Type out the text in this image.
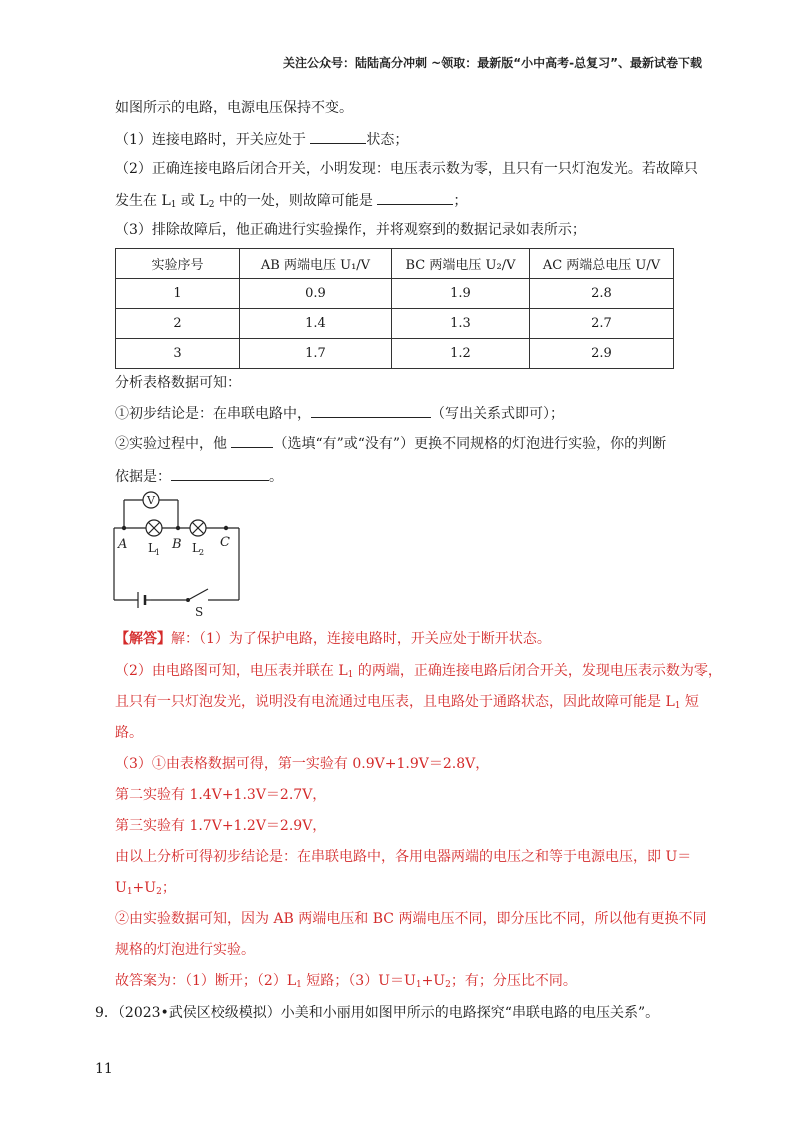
关注公众号：陆陆高分冲刺 ~领取：最新版“小中高考-总复习”、最新试卷下载
如图所示的电路，电源电压保持不变。
（1）连接电路时，开关应处于	状态；
（2）正确连接电路后闭合开关，小明发现：电压表示数为零，且只有一只灯泡发光。若故障只
发生在 $L_1$ 或 $L_2$ 中的一处，则故障可能是	；
（3）排除故障后，他正确进行实验操作，并将观察到的数据记录如表所示；
实验序号	AB 两端电压 U₁/V	BC 两端电压 U₂/V	AC 两端总电压 U/V
1	0.9	1.9	2.8
2	1.4	1.3	2.7
3	1.7	1.2	2.9
分析表格数据可知：
①初步结论是：在串联电路中，	（写出关系式即可）；
②实验过程中，他	（选填“有”或“没有”）更换不同规格的灯泡进行实验，你的判断
依据是：	。
V
A	B	C
L 1	L 2
S
【解答】解：（1）为了保护电路，连接电路时，开关应处于断开状态。
（2）由电路图可知，电压表并联在 $L_1$ 的两端，正确连接电路后闭合开关，发现电压表示数为零，
且只有一只灯泡发光，说明没有电流通过电压表，且电路处于通路状态，因此故障可能是 $L_1$ 短
路。
（3）①由表格数据可得，第一实验有 0.9V+1.9V＝2.8V，
第二实验有 1.4V+1.3V＝2.7V，
第三实验有 1.7V+1.2V＝2.9V，
由以上分析可得初步结论是：在串联电路中，各用电器两端的电压之和等于电源电压，即 U＝
$U_1+U_2$；
②由实验数据可知，因为 AB 两端电压和 BC 两端电压不同，即分压比不同，所以他有更换不同
规格的灯泡进行实验。
故答案为：（1）断开；$(2)L_1$ 短路；$(3)U=U_1+U_2$；有；分压比不同。
9．（2023•武侯区校级模拟）小美和小丽用如图甲所示的电路探究“串联电路的电压关系”。
11
